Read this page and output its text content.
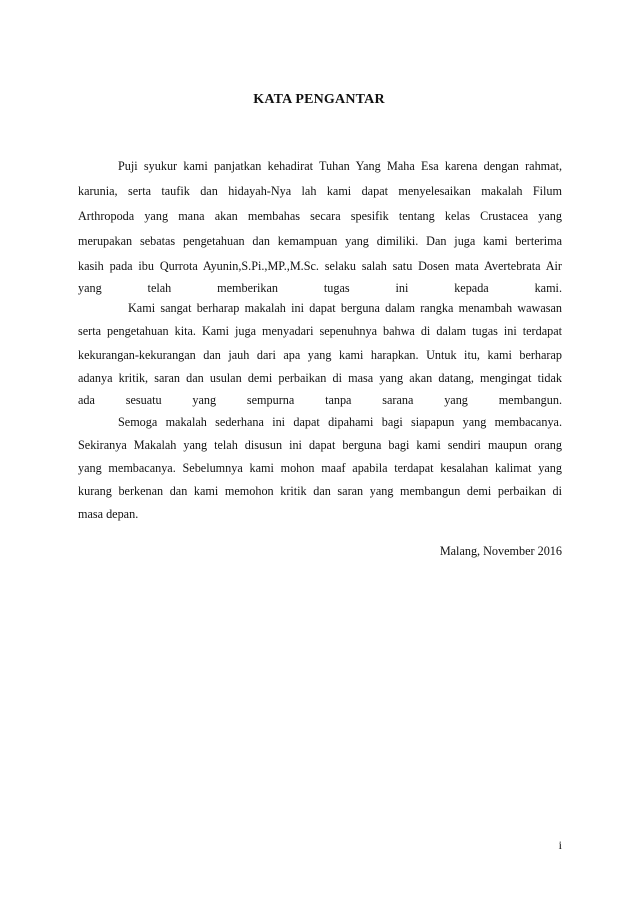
KATA PENGANTAR
Puji syukur kami panjatkan kehadirat Tuhan Yang Maha Esa karena dengan rahmat,
karunia, serta taufik dan hidayah-Nya lah kami dapat menyelesaikan makalah Filum
Arthropoda yang mana akan membahas secara spesifik tentang kelas Crustacea yang
merupakan sebatas pengetahuan dan kemampuan yang dimiliki. Dan juga kami berterima
kasih pada ibu Qurrota Ayunin,S.Pi.,MP.,M.Sc. selaku salah satu Dosen mata Avertebrata Air
yang telah memberikan tugas ini kepada kami.
Kami sangat berharap makalah ini dapat berguna dalam rangka menambah wawasan
serta pengetahuan kita. Kami juga menyadari sepenuhnya bahwa di dalam tugas ini terdapat
kekurangan-kekurangan dan jauh dari apa yang kami harapkan. Untuk itu, kami berharap
adanya kritik, saran dan usulan demi perbaikan di masa yang akan datang, mengingat tidak
ada sesuatu yang sempurna tanpa sarana yang membangun.
Semoga makalah sederhana ini dapat dipahami bagi siapapun yang membacanya.
Sekiranya Makalah yang telah disusun ini dapat berguna bagi kami sendiri maupun orang
yang membacanya. Sebelumnya kami mohon maaf apabila terdapat kesalahan kalimat yang
kurang berkenan dan kami memohon kritik dan saran yang membangun demi perbaikan di
masa depan.
Malang, November 2016
i
